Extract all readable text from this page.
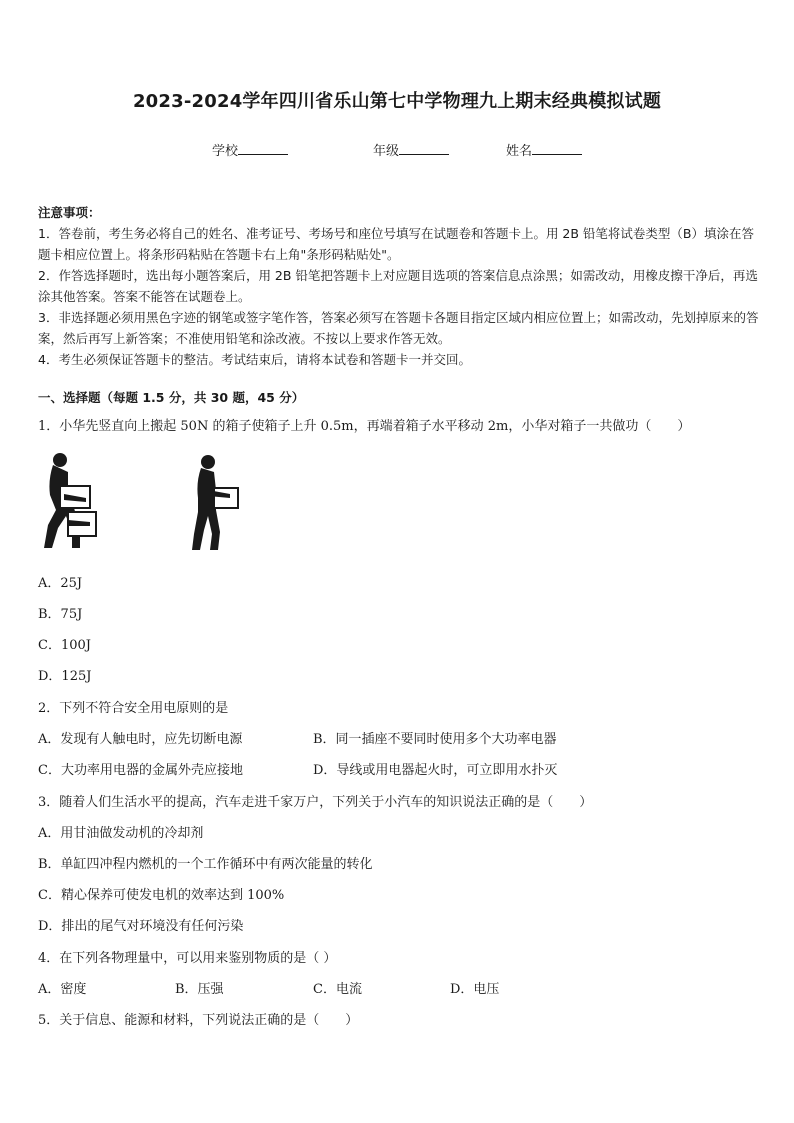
2023-2024学年四川省乐山第七中学物理九上期末经典模拟试题
学校	年级	姓名

注意事项：

1．答卷前，考生务必将自己的姓名、准考证号、考场号和座位号填写在试题卷和答题卡上。用 2B 铅笔将试卷类型（B）填涂在答题卡相应位置上。将条形码粘贴在答题卡右上角"条形码粘贴处"。

2．作答选择题时，选出每小题答案后，用 2B 铅笔把答题卡上对应题目选项的答案信息点涂黑；如需改动，用橡皮擦干净后，再选涂其他答案。答案不能答在试题卷上。

3．非选择题必须用黑色字迹的钢笔或签字笔作答，答案必须写在答题卡各题目指定区域内相应位置上；如需改动，先划掉原来的答案，然后再写上新答案；不准使用铅笔和涂改液。不按以上要求作答无效。

4．考生必须保证答题卡的整洁。考试结束后，请将本试卷和答题卡一并交回。

一、选择题（每题 1.5 分，共 30 题，45 分）
1．小华先竖直向上搬起 50N 的箱子使箱子上升 0.5m，再端着箱子水平移动 2m，小华对箱子一共做功（　　）
A．25J
B．75J
C．100J
D．125J
2．下列不符合安全用电原则的是
A．发现有人触电时，应先切断电源	B．同一插座不要同时使用多个大功率电器
C．大功率用电器的金属外壳应接地	D．导线或用电器起火时，可立即用水扑灭
3．随着人们生活水平的提高，汽车走进千家万户，下列关于小汽车的知识说法正确的是（　　）
A．用甘油做发动机的冷却剂
B．单缸四冲程内燃机的一个工作循环中有两次能量的转化
C．精心保养可使发电机的效率达到 100%
D．排出的尾气对环境没有任何污染
4．在下列各物理量中，可以用来鉴别物质的是（ ）
A．密度	B．压强	C．电流	D．电压
5．关于信息、能源和材料，下列说法正确的是（　　）
